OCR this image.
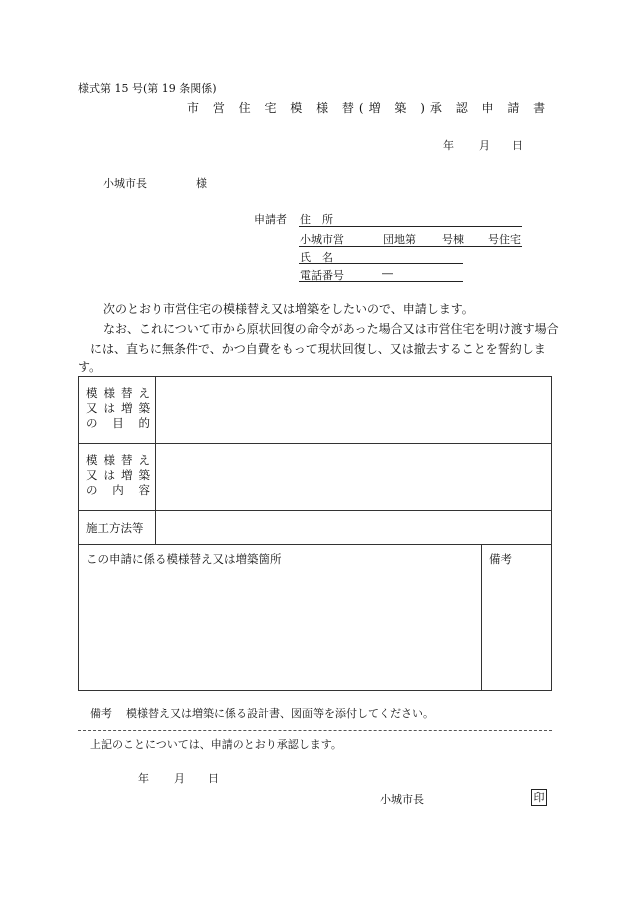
様式第 15 号(第 19 条関係)
市 営 住 宅 模 様 替(増 築 )承 認 申 請 書
年 月 日
小城市長	様
申請者 住　所
小城市営	団地第 号棟 号住宅
氏　名
電話番号	―
次のとおり市営住宅の模様替え又は増築をしたいので、申請します。
なお、これについて市から原状回復の命令があった場合又は市営住宅を明け渡す場合
には、直ちに無条件で、かつ自費をもって現状回復し、又は撤去することを誓約しま
す。
模 様 替 え
又 は 増 築
の　目　的

模 様 替 え
又 は 増 築
の　内　容

施工方法等

この申請に係る模様替え又は増築箇所	備考
備考 模様替え又は増築に係る設計書、図面等を添付してください。
上記のことについては、申請のとおり承認します。
年 月 日
小城市長	印
